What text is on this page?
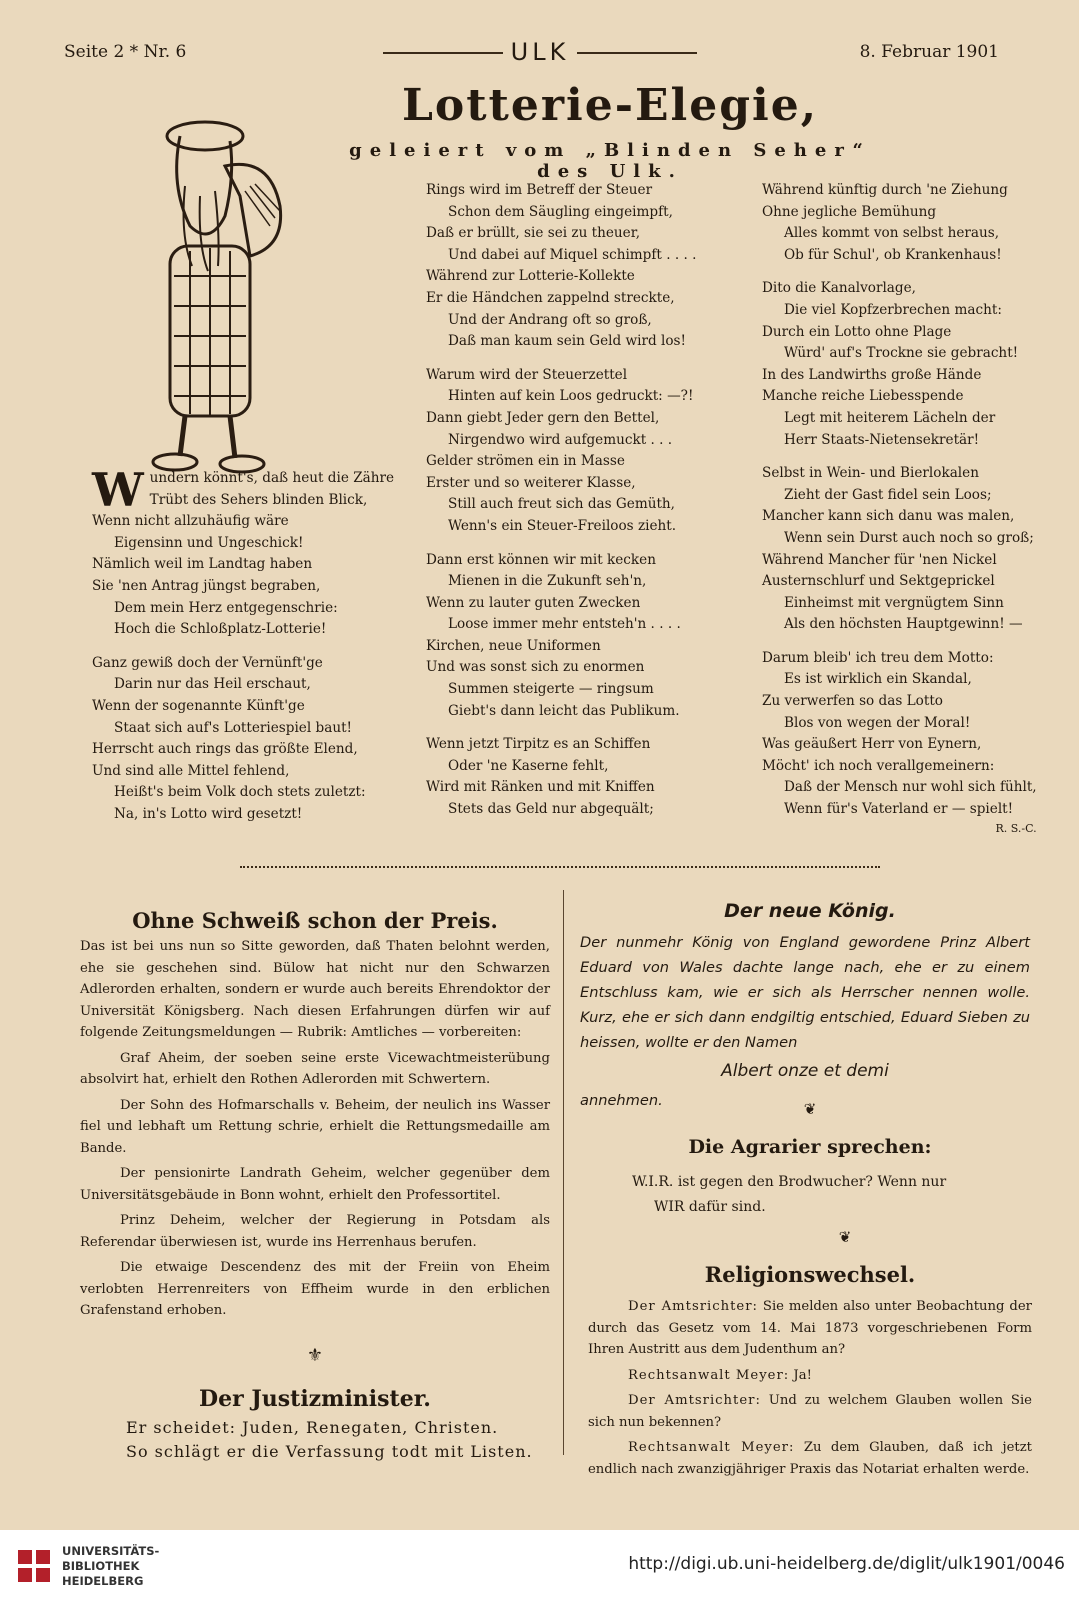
Seite 2 * Nr. 6	ULK	8. Februar 1901
Lotterie-Elegie,
geleiert vom „Blinden Seher“ des Ulk.

Wundern könnt's, daß heut die Zähre

Trübt des Sehers blinden Blick,

Wenn nicht allzuhäufig wäre

Eigensinn und Ungeschick!

Nämlich weil im Landtag haben

Sie 'nen Antrag jüngst begraben,

Dem mein Herz entgegenschrie:

Hoch die Schloßplatz-Lotterie!

Ganz gewiß doch der Vernünft'ge

Darin nur das Heil erschaut,

Wenn der sogenannte Künft'ge

Staat sich auf's Lotteriespiel baut!

Herrscht auch rings das größte Elend,

Und sind alle Mittel fehlend,

Heißt's beim Volk doch stets zuletzt:

Na, in's Lotto wird gesetzt!

Rings wird im Betreff der Steuer

Schon dem Säugling eingeimpft,

Daß er brüllt, sie sei zu theuer,

Und dabei auf Miquel schimpft . . . .

Während zur Lotterie-Kollekte

Er die Händchen zappelnd streckte,

Und der Andrang oft so groß,

Daß man kaum sein Geld wird los!

Warum wird der Steuerzettel

Hinten auf kein Loos gedruckt: —?!

Dann giebt Jeder gern den Bettel,

Nirgendwo wird aufgemuckt . . .

Gelder strömen ein in Masse

Erster und so weiterer Klasse,

Still auch freut sich das Gemüth,

Wenn's ein Steuer-Freiloos zieht.

Dann erst können wir mit kecken

Mienen in die Zukunft seh'n,

Wenn zu lauter guten Zwecken

Loose immer mehr entsteh'n . . . .

Kirchen, neue Uniformen

Und was sonst sich zu enormen

Summen steigerte — ringsum

Giebt's dann leicht das Publikum.

Wenn jetzt Tirpitz es an Schiffen

Oder 'ne Kaserne fehlt,

Wird mit Ränken und mit Kniffen

Stets das Geld nur abgequält;

Während künftig durch 'ne Ziehung

Ohne jegliche Bemühung

Alles kommt von selbst heraus,

Ob für Schul', ob Krankenhaus!

Dito die Kanalvorlage,

Die viel Kopfzerbrechen macht:

Durch ein Lotto ohne Plage

Würd' auf's Trockne sie gebracht!

In des Landwirths große Hände

Manche reiche Liebesspende

Legt mit heiterem Lächeln der

Herr Staats-Nietensekretär!

Selbst in Wein- und Bierlokalen

Zieht der Gast fidel sein Loos;

Mancher kann sich danu was malen,

Wenn sein Durst auch noch so groß;

Während Mancher für 'nen Nickel

Austernschlurf und Sektgeprickel

Einheimst mit vergnügtem Sinn

Als den höchsten Hauptgewinn! —

Darum bleib' ich treu dem Motto:

Es ist wirklich ein Skandal,

Zu verwerfen so das Lotto

Blos von wegen der Moral!

Was geäußert Herr von Eynern,

Möcht' ich noch verallgemeinern:

Daß der Mensch nur wohl sich fühlt,

Wenn für's Vaterland er — spielt!

R. S.-C.

Ohne Schweiß schon der Preis.

Das ist bei uns nun so Sitte geworden, daß Thaten belohnt werden, ehe sie geschehen sind. Bülow hat nicht nur den Schwarzen Adlerorden erhalten, sondern er wurde auch bereits Ehrendoktor der Universität Königsberg. Nach diesen Erfahrungen dürfen wir auf folgende Zeitungsmeldungen — Rubrik: Amtliches — vorbereiten:

Graf Aheim, der soeben seine erste Vicewachtmeisterübung absolvirt hat, erhielt den Rothen Adlerorden mit Schwertern.

Der Sohn des Hofmarschalls v. Beheim, der neulich ins Wasser fiel und lebhaft um Rettung schrie, erhielt die Rettungsmedaille am Bande.

Der pensionirte Landrath Geheim, welcher gegenüber dem Universitätsgebäude in Bonn wohnt, erhielt den Professortitel.

Prinz Deheim, welcher der Regierung in Potsdam als Referendar überwiesen ist, wurde ins Herrenhaus berufen.

Die etwaige Descendenz des mit der Freiin von Eheim verlobten Herrenreiters von Effheim wurde in den erblichen Grafenstand erhoben.

⚜
Der Justizminister.

Er scheidet: Juden, Renegaten, Christen.

So schlägt er die Verfassung todt mit Listen.

Der neue König.

Der nunmehr König von England gewordene Prinz Albert Eduard von Wales dachte lange nach, ehe er zu einem Entschluss kam, wie er sich als Herrscher nennen wolle. Kurz, ehe er sich dann endgiltig entschied, Eduard Sieben zu heissen, wollte er den Namen

Albert onze et demi

annehmen.	❦
Die Agrarier sprechen:

W.I.R. ist gegen den Brodwucher? Wenn nur

WIR dafür sind.

❦
Religionswechsel.

Der Amtsrichter: Sie melden also unter Beobachtung der durch das Gesetz vom 14. Mai 1873 vorgeschriebenen Form Ihren Austritt aus dem Judenthum an?

Rechtsanwalt Meyer: Ja!

Der Amtsrichter: Und zu welchem Glauben wollen Sie sich nun bekennen?

Rechtsanwalt Meyer: Zu dem Glauben, daß ich jetzt endlich nach zwanzigjähriger Praxis das Notariat erhalten werde.

UNIVERSITÄTS-
BIBLIOTHEK
HEIDELBERG
http://digi.ub.uni-heidelberg.de/diglit/ulk1901/0046
